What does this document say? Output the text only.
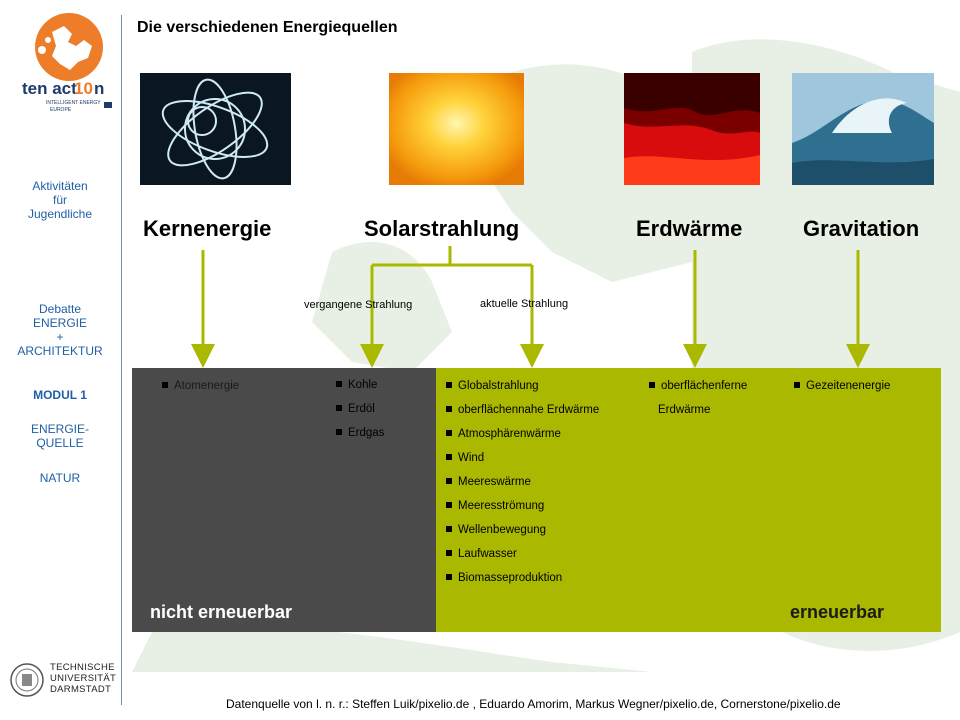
ten act
10 n
INTELLIGENT ENERGY
EUROPE
Aktivitäten
für
Jugendliche
Debatte
ENERGIE
+
ARCHITEKTUR
MODUL 1
ENERGIE-
QUELLE
NATUR
TECHNISCHE
UNIVERSITÄT
DARMSTADT
Die verschiedenen Energiequellen
Kernenergie	Solarstrahlung	Erdwärme	Gravitation
vergangene Strahlung	aktuelle Strahlung
Atomenergie	Kohle
Erdöl
Erdgas
Globalstrahlung
oberflächennahe Erdwärme
Atmosphärenwärme
Wind
Meereswärme
Meeresströmung
Wellenbewegung
Laufwasser
Biomasseproduktion
oberflächenferne
Erdwärme
Gezeitenenergie
nicht erneuerbar	erneuerbar
Datenquelle von l. n. r.: Steffen Luik/pixelio.de , Eduardo Amorim, Markus Wegner/pixelio.de, Cornerstone/pixelio.de
